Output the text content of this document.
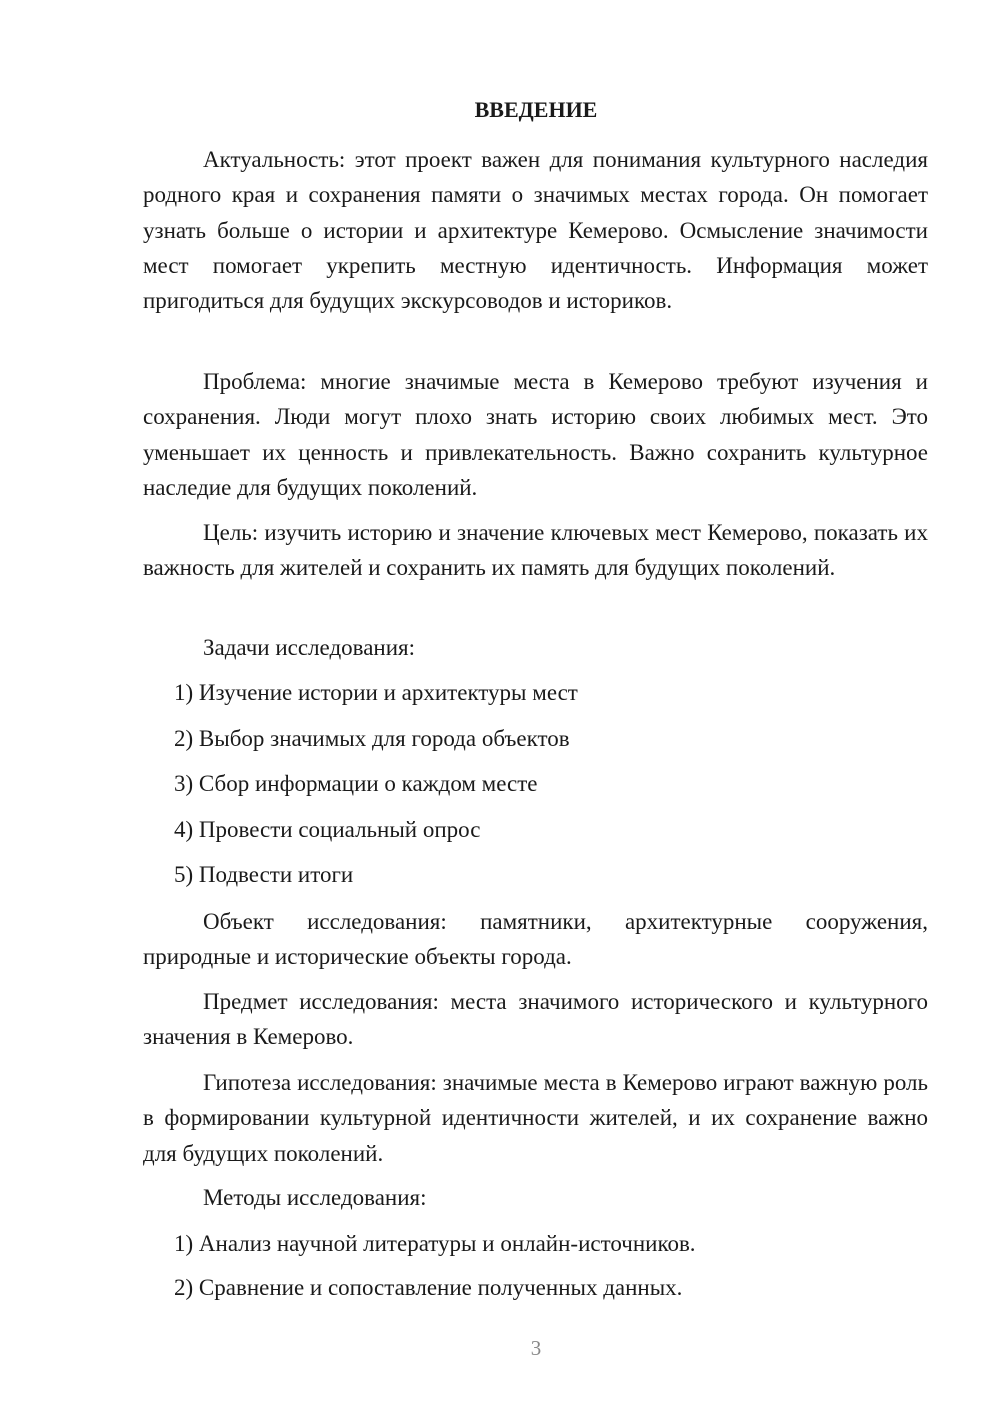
ВВЕДЕНИЕ
Актуальность: этот проект важен для понимания культурного наследия родного края и сохранения памяти о значимых местах города. Он помогает узнать больше о истории и архитектуре Кемерово. Осмысление значимости мест помогает укрепить местную идентичность. Информация может пригодиться для будущих экскурсоводов и историков.
Проблема: многие значимые места в Кемерово требуют изучения и сохранения. Люди могут плохо знать историю своих любимых мест. Это уменьшает их ценность и привлекательность. Важно сохранить культурное наследие для будущих поколений.
Цель: изучить историю и значение ключевых мест Кемерово, показать их важность для жителей и сохранить их память для будущих поколений.
Задачи исследования:
1) Изучение истории и архитектуры мест
2) Выбор значимых для города объектов
3) Сбор информации о каждом месте
4) Провести социальный опрос
5) Подвести итоги
Объект исследования: памятники, архитектурные сооружения, природные и исторические объекты города.
Предмет исследования: места значимого исторического и культурного значения в Кемерово.
Гипотеза исследования: значимые места в Кемерово играют важную роль в формировании культурной идентичности жителей, и их сохранение важно для будущих поколений.
Методы исследования:
1) Анализ научной литературы и онлайн-источников.
2) Сравнение и сопоставление полученных данных.
3
